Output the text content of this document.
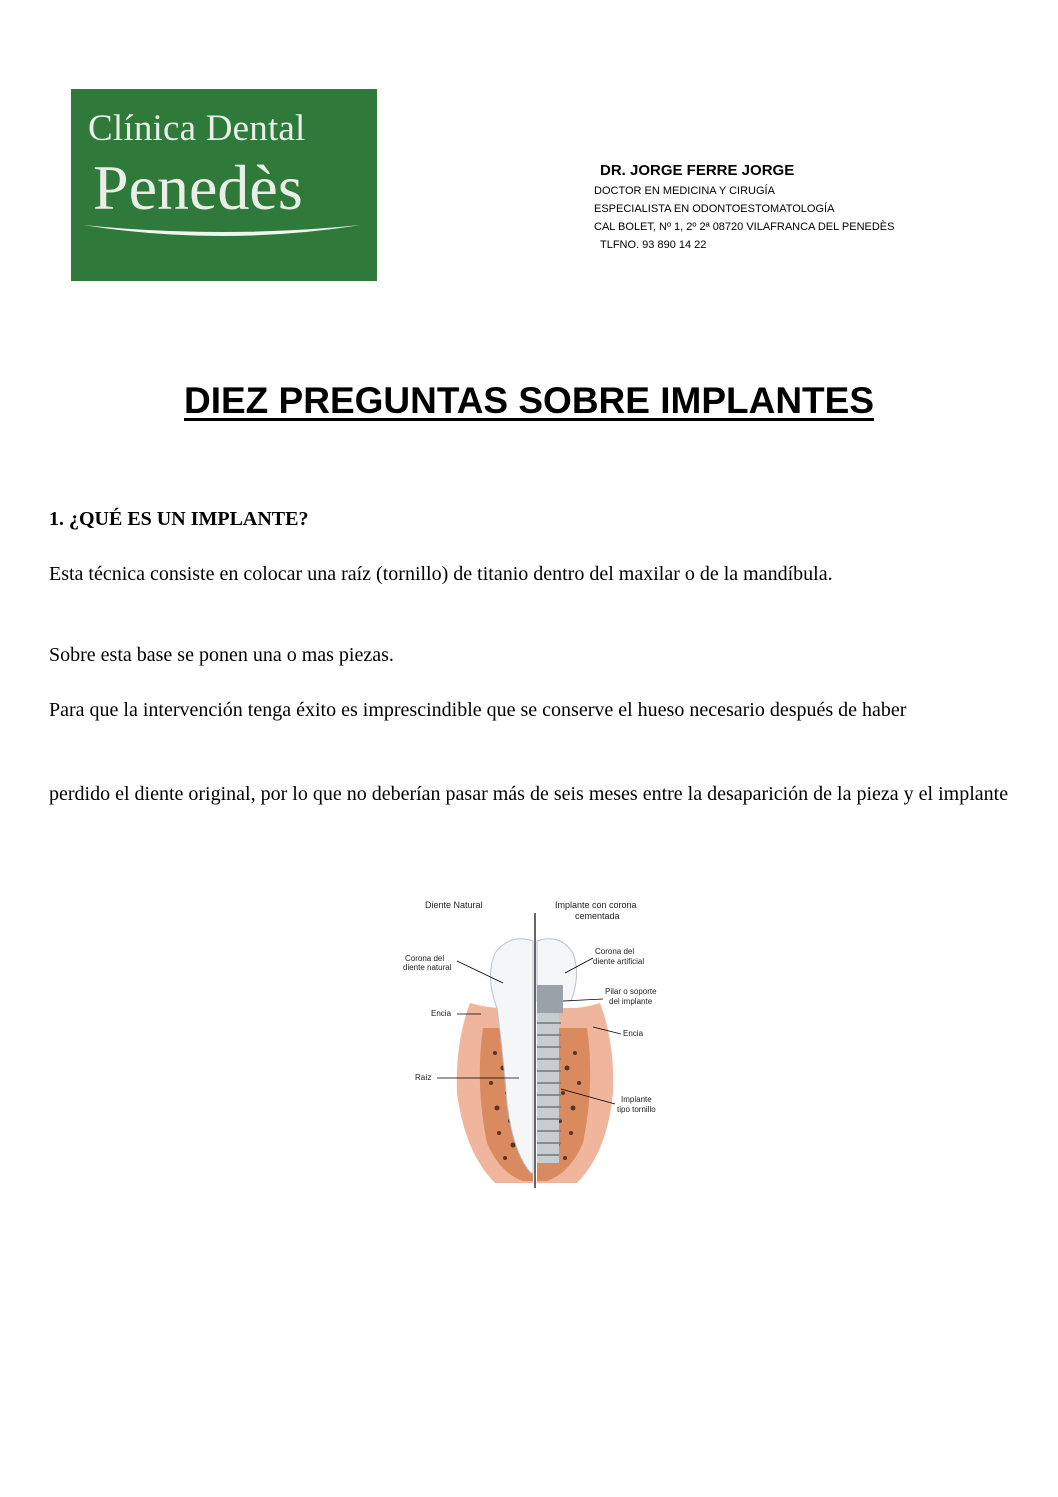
Clínica Dental
Penedès	DR. JORGE FERRE JORGE
DOCTOR EN MEDICINA Y CIRUGÍA
ESPECIALISTA EN ODONTOESTOMATOLOGÍA
CAL BOLET, Nº 1, 2º 2ª 08720 VILAFRANCA DEL PENEDÈS
TLFNO. 93 890 14 22
DIEZ PREGUNTAS SOBRE IMPLANTES
1. ¿QUÉ ES UN IMPLANTE?
Esta técnica consiste en colocar una raíz (tornillo) de titanio dentro del maxilar o de la mandíbula.
Sobre esta base se ponen una o mas piezas.
Para que la intervención tenga éxito es imprescindible que se conserve el hueso necesario después de haber
perdido el diente original, por lo que no deberían pasar más de seis meses entre la desaparición de la pieza y el implante
Diente Natural	Implante con corona
cementada
Corona del
diente natural
Encia
Raíz
Corona del
diente artificial
Pilar o soporte
del implante
Encia
Implante
tipo tornillo
